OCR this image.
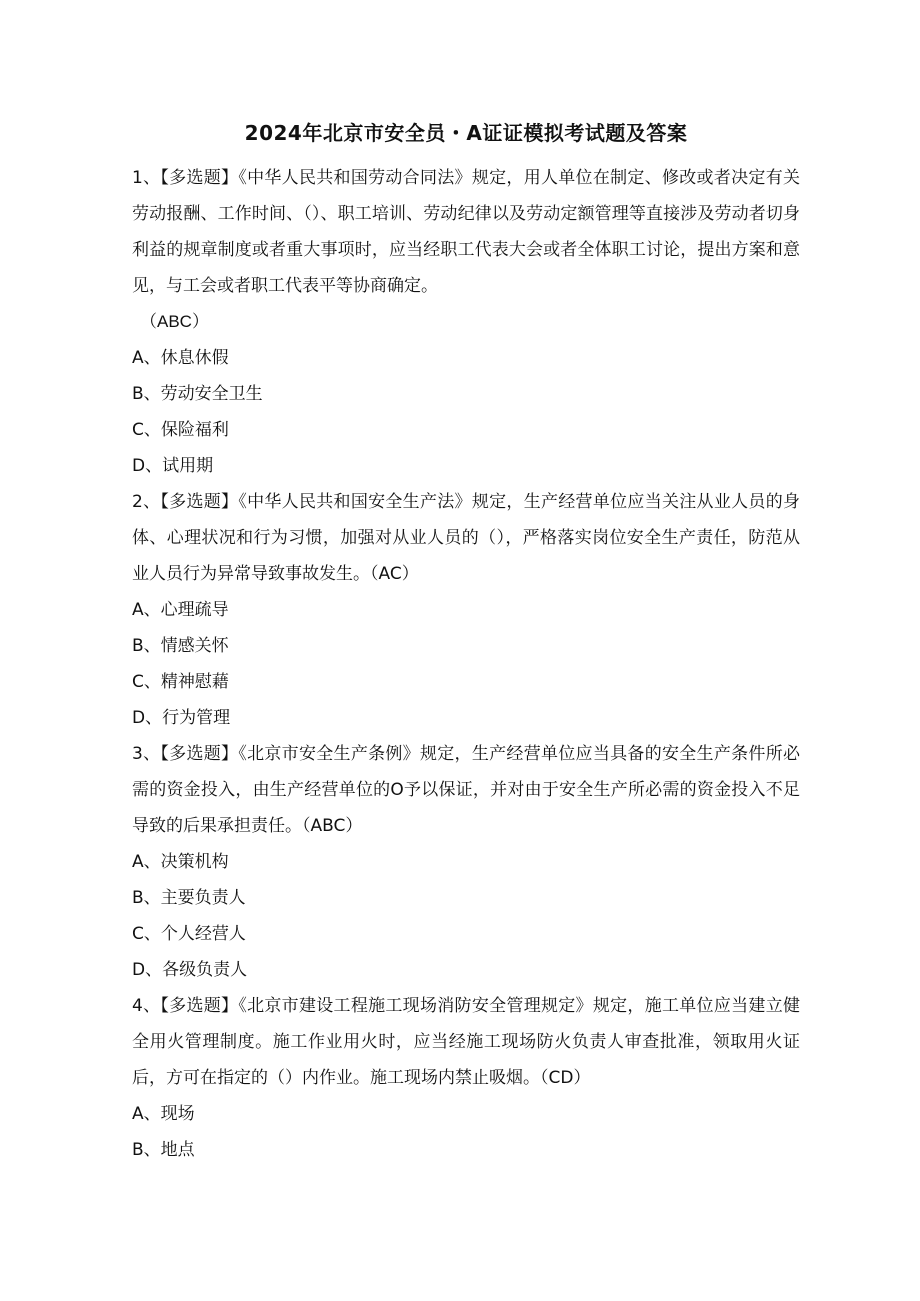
2024年北京市安全员・A证证模拟考试题及答案

1、【多选题】《中华人民共和国劳动合同法》规定，用人单位在制定、修改或者决定有关劳动报酬、工作时间、（）、职工培训、劳动纪律以及劳动定额管理等直接涉及劳动者切身利益的规章制度或者重大事项时，应当经职工代表大会或者全体职工讨论，提出方案和意见，与工会或者职工代表平等协商确定。

（ABC）

A、休息休假
B、劳动安全卫生
C、保险福利
D、试用期

2、【多选题】《中华人民共和国安全生产法》规定，生产经营单位应当关注从业人员的身体、心理状况和行为习惯，加强对从业人员的（），严格落实岗位安全生产责任，防范从业人员行为异常导致事故发生。（AC）

A、心理疏导
B、情感关怀
C、精神慰藉
D、行为管理

3、【多选题】《北京市安全生产条例》规定，生产经营单位应当具备的安全生产条件所必需的资金投入，由生产经营单位的O予以保证，并对由于安全生产所必需的资金投入不足导致的后果承担责任。（ABC）

A、决策机构
B、主要负责人
C、个人经营人
D、各级负责人

4、【多选题】《北京市建设工程施工现场消防安全管理规定》规定，施工单位应当建立健全用火管理制度。施工作业用火时，应当经施工现场防火负责人审查批准，领取用火证后，方可在指定的（）内作业。施工现场内禁止吸烟。（CD）

A、现场
B、地点
